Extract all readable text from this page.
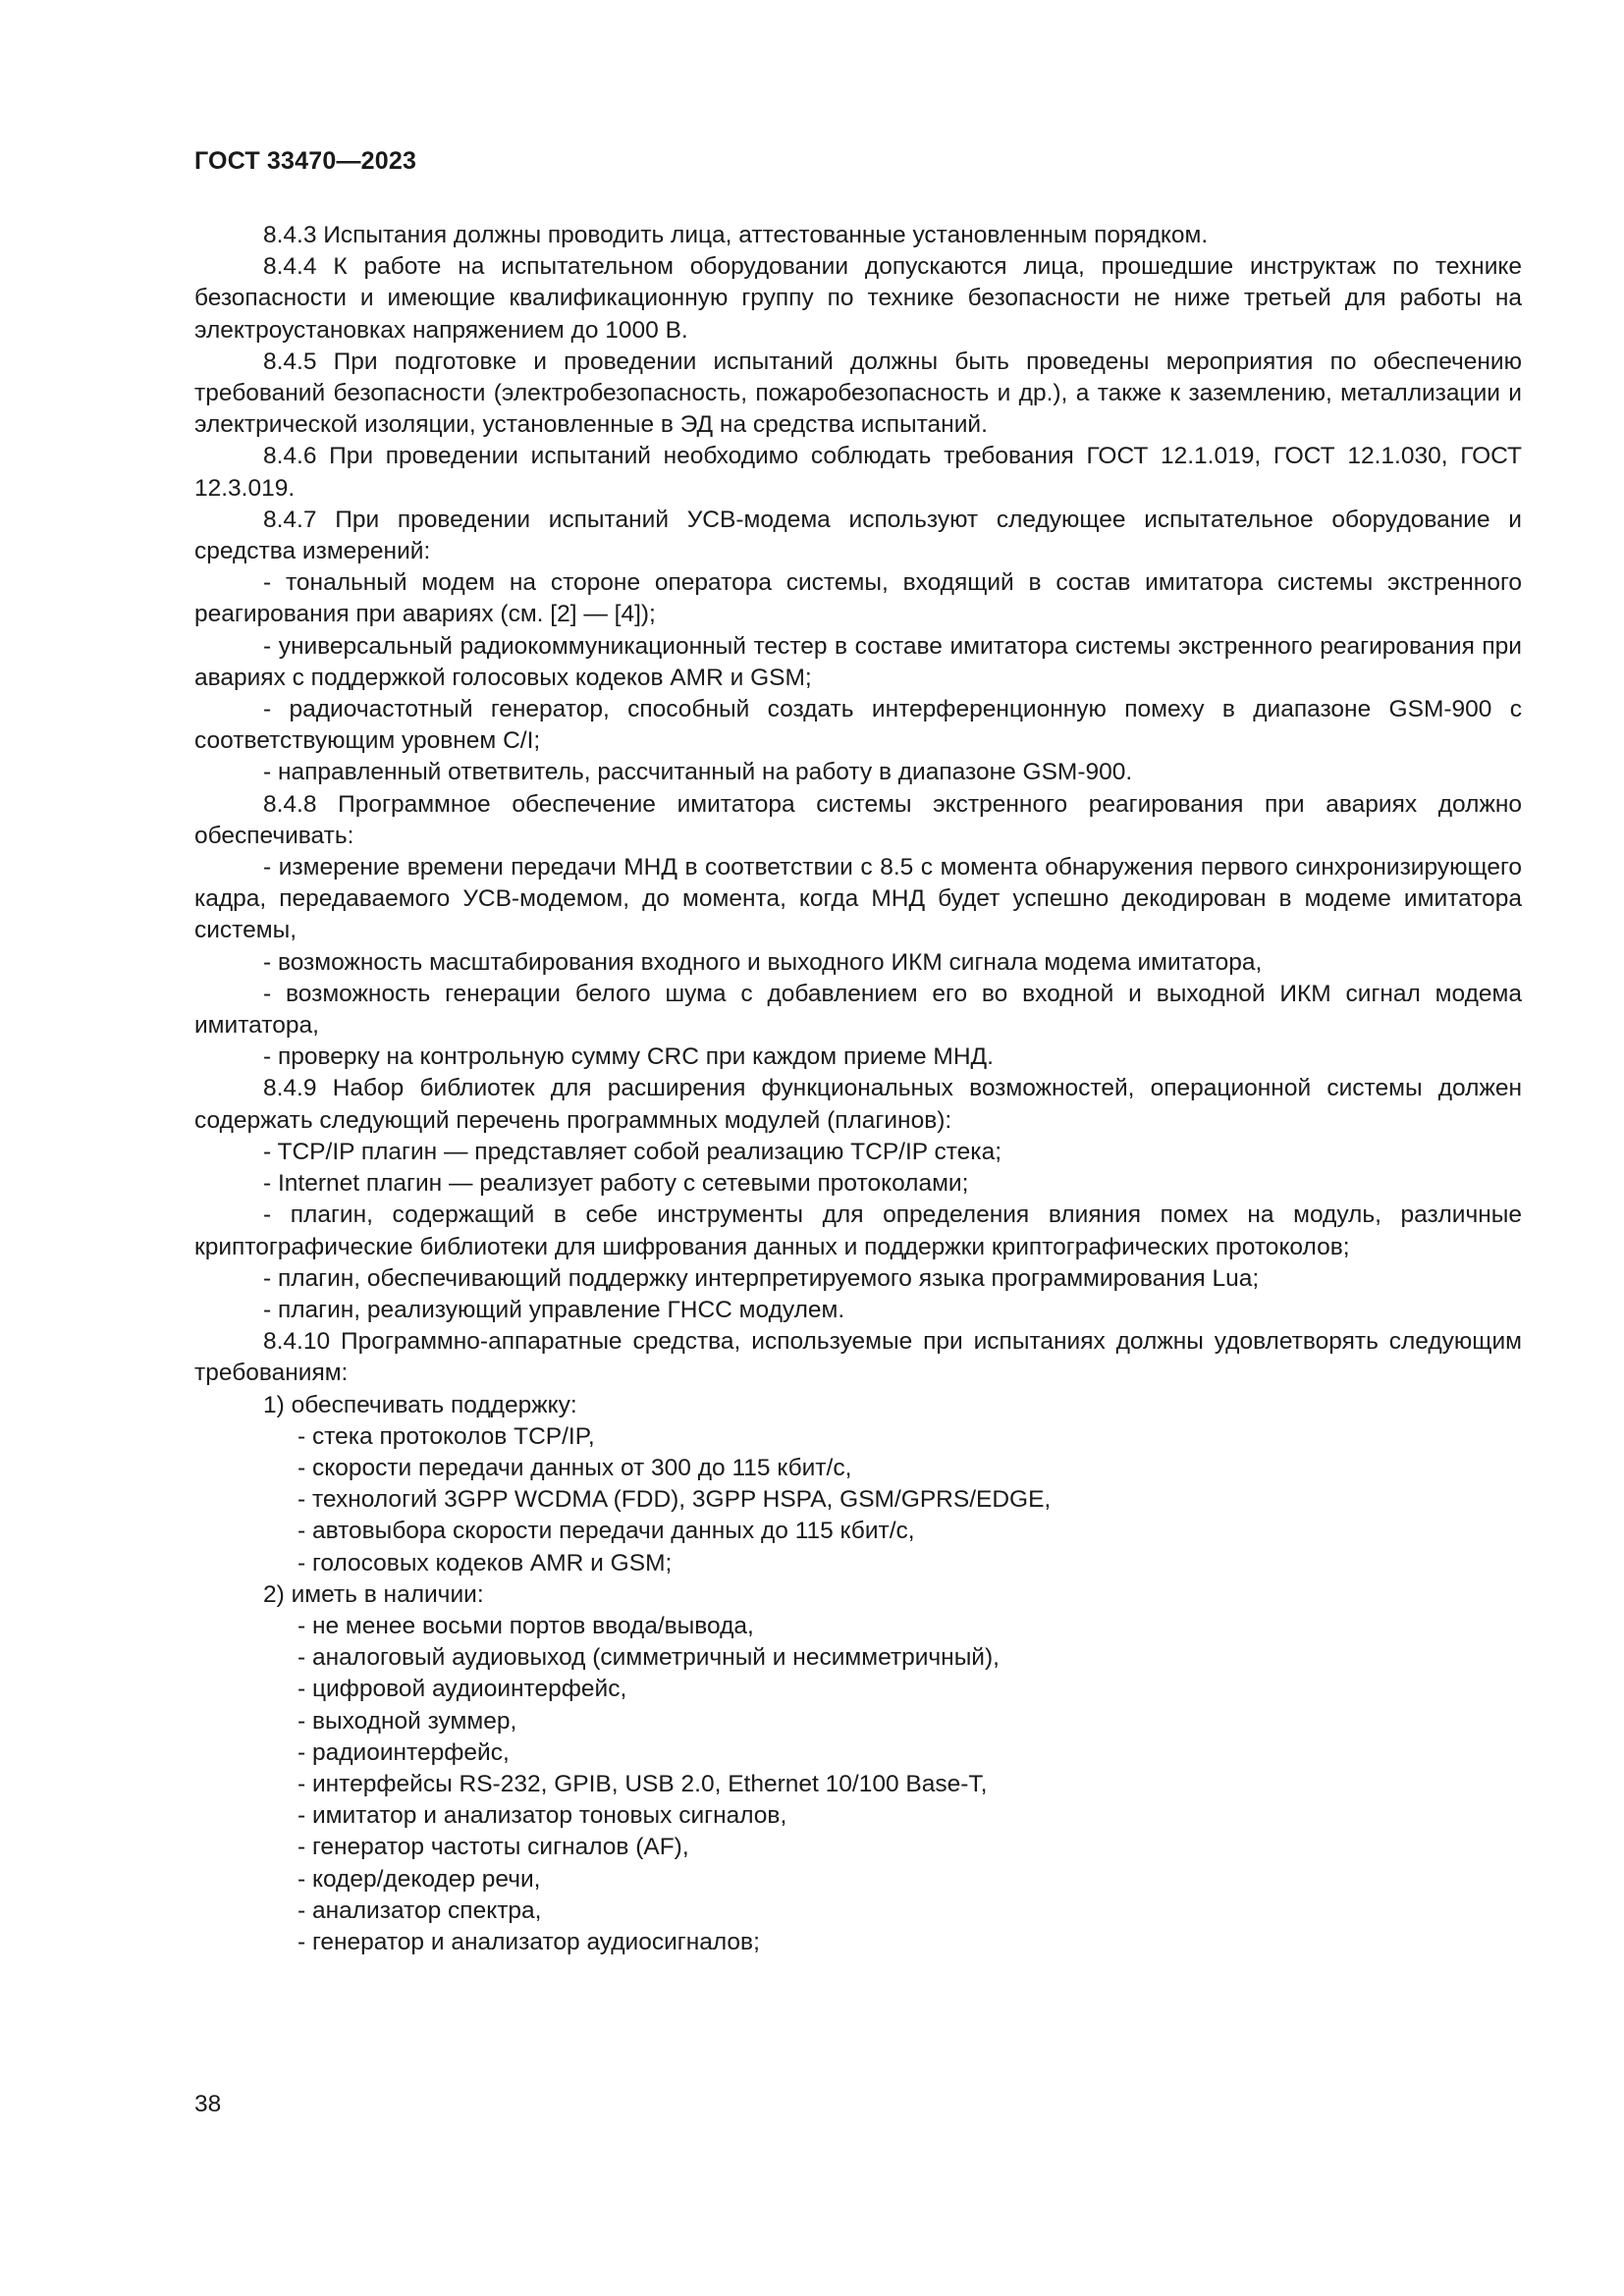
ГОСТ 33470—2023

8.4.3 Испытания должны проводить лица, аттестованные установленным порядком.

8.4.4 К работе на испытательном оборудовании допускаются лица, прошедшие инструктаж по технике безопасности и имеющие квалификационную группу по технике безопасности не ниже третьей для работы на электроустановках напряжением до 1000 В.

8.4.5 При подготовке и проведении испытаний должны быть проведены мероприятия по обеспечению требований безопасности (электробезопасность, пожаробезопасность и др.), а также к заземлению, металлизации и электрической изоляции, установленные в ЭД на средства испытаний.

8.4.6 При проведении испытаний необходимо соблюдать требования ГОСТ 12.1.019, ГОСТ 12.1.030, ГОСТ 12.3.019.

8.4.7 При проведении испытаний УСВ-модема используют следующее испытательное оборудование и средства измерений:

- тональный модем на стороне оператора системы, входящий в состав имитатора системы экстренного реагирования при авариях (см. [2] — [4]);

- универсальный радиокоммуникационный тестер в составе имитатора системы экстренного реагирования при авариях с поддержкой голосовых кодеков AMR и GSM;

- радиочастотный генератор, способный создать интерференционную помеху в диапазоне GSM-900 с соответствующим уровнем C/I;

- направленный ответвитель, рассчитанный на работу в диапазоне GSM-900.

8.4.8 Программное обеспечение имитатора системы экстренного реагирования при авариях должно обеспечивать:

- измерение времени передачи МНД в соответствии с 8.5 с момента обнаружения первого синхронизирующего кадра, передаваемого УСВ-модемом, до момента, когда МНД будет успешно декодирован в модеме имитатора системы,

- возможность масштабирования входного и выходного ИКМ сигнала модема имитатора,

- возможность генерации белого шума с добавлением его во входной и выходной ИКМ сигнал модема имитатора,

- проверку на контрольную сумму CRC при каждом приеме МНД.

8.4.9 Набор библиотек для расширения функциональных возможностей, операционной системы должен содержать следующий перечень программных модулей (плагинов):

- TCP/IP плагин — представляет собой реализацию TCP/IP стека;

- Internet плагин — реализует работу с сетевыми протоколами;

- плагин, содержащий в себе инструменты для определения влияния помех на модуль, различные криптографические библиотеки для шифрования данных и поддержки криптографических протоколов;

- плагин, обеспечивающий поддержку интерпретируемого языка программирования Lua;

- плагин, реализующий управление ГНСС модулем.

8.4.10 Программно-аппаратные средства, используемые при испытаниях должны удовлетворять следующим требованиям:

1) обеспечивать поддержку:

- стека протоколов TCP/IP,

- скорости передачи данных от 300 до 115 кбит/с,

- технологий 3GPP WCDMA (FDD), 3GPP HSPA, GSM/GPRS/EDGE,

- автовыбора скорости передачи данных до 115 кбит/с,

- голосовых кодеков AMR и GSM;

2) иметь в наличии:

- не менее восьми портов ввода/вывода,

- аналоговый аудиовыход (симметричный и несимметричный),

- цифровой аудиоинтерфейс,

- выходной зуммер,

- радиоинтерфейс,

- интерфейсы RS-232, GPIB, USB 2.0, Ethernet 10/100 Base-T,

- имитатор и анализатор тоновых сигналов,

- генератор частоты сигналов (AF),

- кодер/декодер речи,

- анализатор спектра,

- генератор и анализатор аудиосигналов;

38
